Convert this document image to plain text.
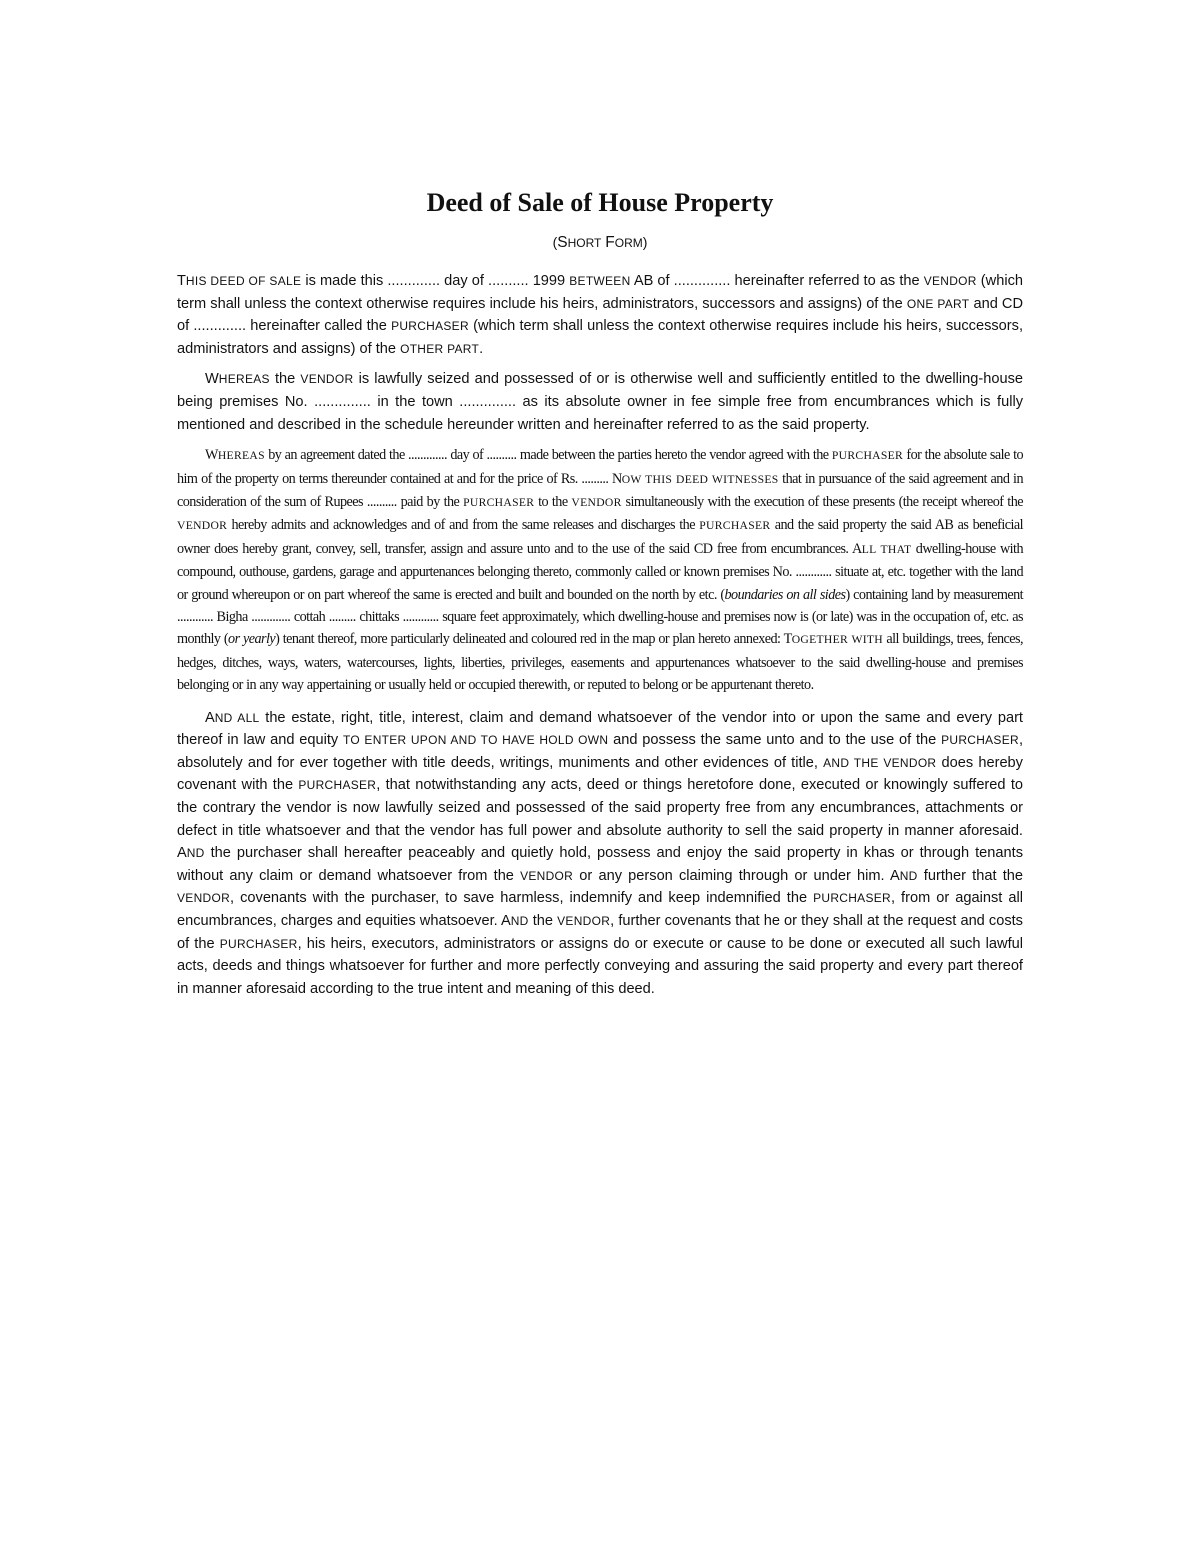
Deed of Sale of House Property

(SHORT FORM)

THIS DEED OF SALE is made this ............. day of .......... 1999 BETWEEN AB of .............. hereinafter referred to as the VENDOR (which term shall unless the context otherwise requires include his heirs, administrators, successors and assigns) of the ONE PART and CD of ............. hereinafter called the PURCHASER (which term shall unless the context otherwise requires include his heirs, successors, administrators and assigns) of the OTHER PART.

WHEREAS the VENDOR is lawfully seized and possessed of or is otherwise well and sufficiently entitled to the dwelling-house being premises No. .............. in the town .............. as its absolute owner in fee simple free from encumbrances which is fully mentioned and described in the schedule hereunder written and hereinafter referred to as the said property.

WHEREAS by an agreement dated the ............. day of .......... made between the parties hereto the vendor agreed with the PURCHASER for the absolute sale to him of the property on terms thereunder contained at and for the price of Rs. ......... NOW THIS DEED WITNESSES that in pursuance of the said agreement and in consideration of the sum of Rupees .......... paid by the PURCHASER to the VENDOR simultaneously with the execution of these presents (the receipt whereof the VENDOR hereby admits and acknowledges and of and from the same releases and discharges the PURCHASER and the said property the said AB as beneficial owner does hereby grant, convey, sell, transfer, assign and assure unto and to the use of the said CD free from encumbrances. ALL THAT dwelling-house with compound, outhouse, gardens, garage and appurtenances belonging thereto, commonly called or known premises No. ............ situate at, etc. together with the land or ground whereupon or on part whereof the same is erected and built and bounded on the north by etc. (boundaries on all sides) containing land by measurement ............ Bigha ............. cottah ......... chittaks ............ square feet approximately, which dwelling-house and premises now is (or late) was in the occupation of, etc. as monthly (or yearly) tenant thereof, more particularly delineated and coloured red in the map or plan hereto annexed: TOGETHER WITH all buildings, trees, fences, hedges, ditches, ways, waters, watercourses, lights, liberties, privileges, easements and appurtenances whatsoever to the said dwelling-house and premises belonging or in any way appertaining or usually held or occupied therewith, or reputed to belong or be appurtenant thereto.

AND ALL the estate, right, title, interest, claim and demand whatsoever of the vendor into or upon the same and every part thereof in law and equity TO ENTER UPON AND TO HAVE HOLD OWN and possess the same unto and to the use of the PURCHASER, absolutely and for ever together with title deeds, writings, muniments and other evidences of title, AND THE VENDOR does hereby covenant with the PURCHASER, that notwithstanding any acts, deed or things heretofore done, executed or knowingly suffered to the contrary the vendor is now lawfully seized and possessed of the said property free from any encumbrances, attachments or defect in title whatsoever and that the vendor has full power and absolute authority to sell the said property in manner aforesaid. AND the purchaser shall hereafter peaceably and quietly hold, possess and enjoy the said property in khas or through tenants without any claim or demand whatsoever from the VENDOR or any person claiming through or under him. AND further that the VENDOR, covenants with the purchaser, to save harmless, indemnify and keep indemnified the PURCHASER, from or against all encumbrances, charges and equities whatsoever. AND the VENDOR, further covenants that he or they shall at the request and costs of the PURCHASER, his heirs, executors, administrators or assigns do or execute or cause to be done or executed all such lawful acts, deeds and things whatsoever for further and more perfectly conveying and assuring the said property and every part thereof in manner aforesaid according to the true intent and meaning of this deed.
